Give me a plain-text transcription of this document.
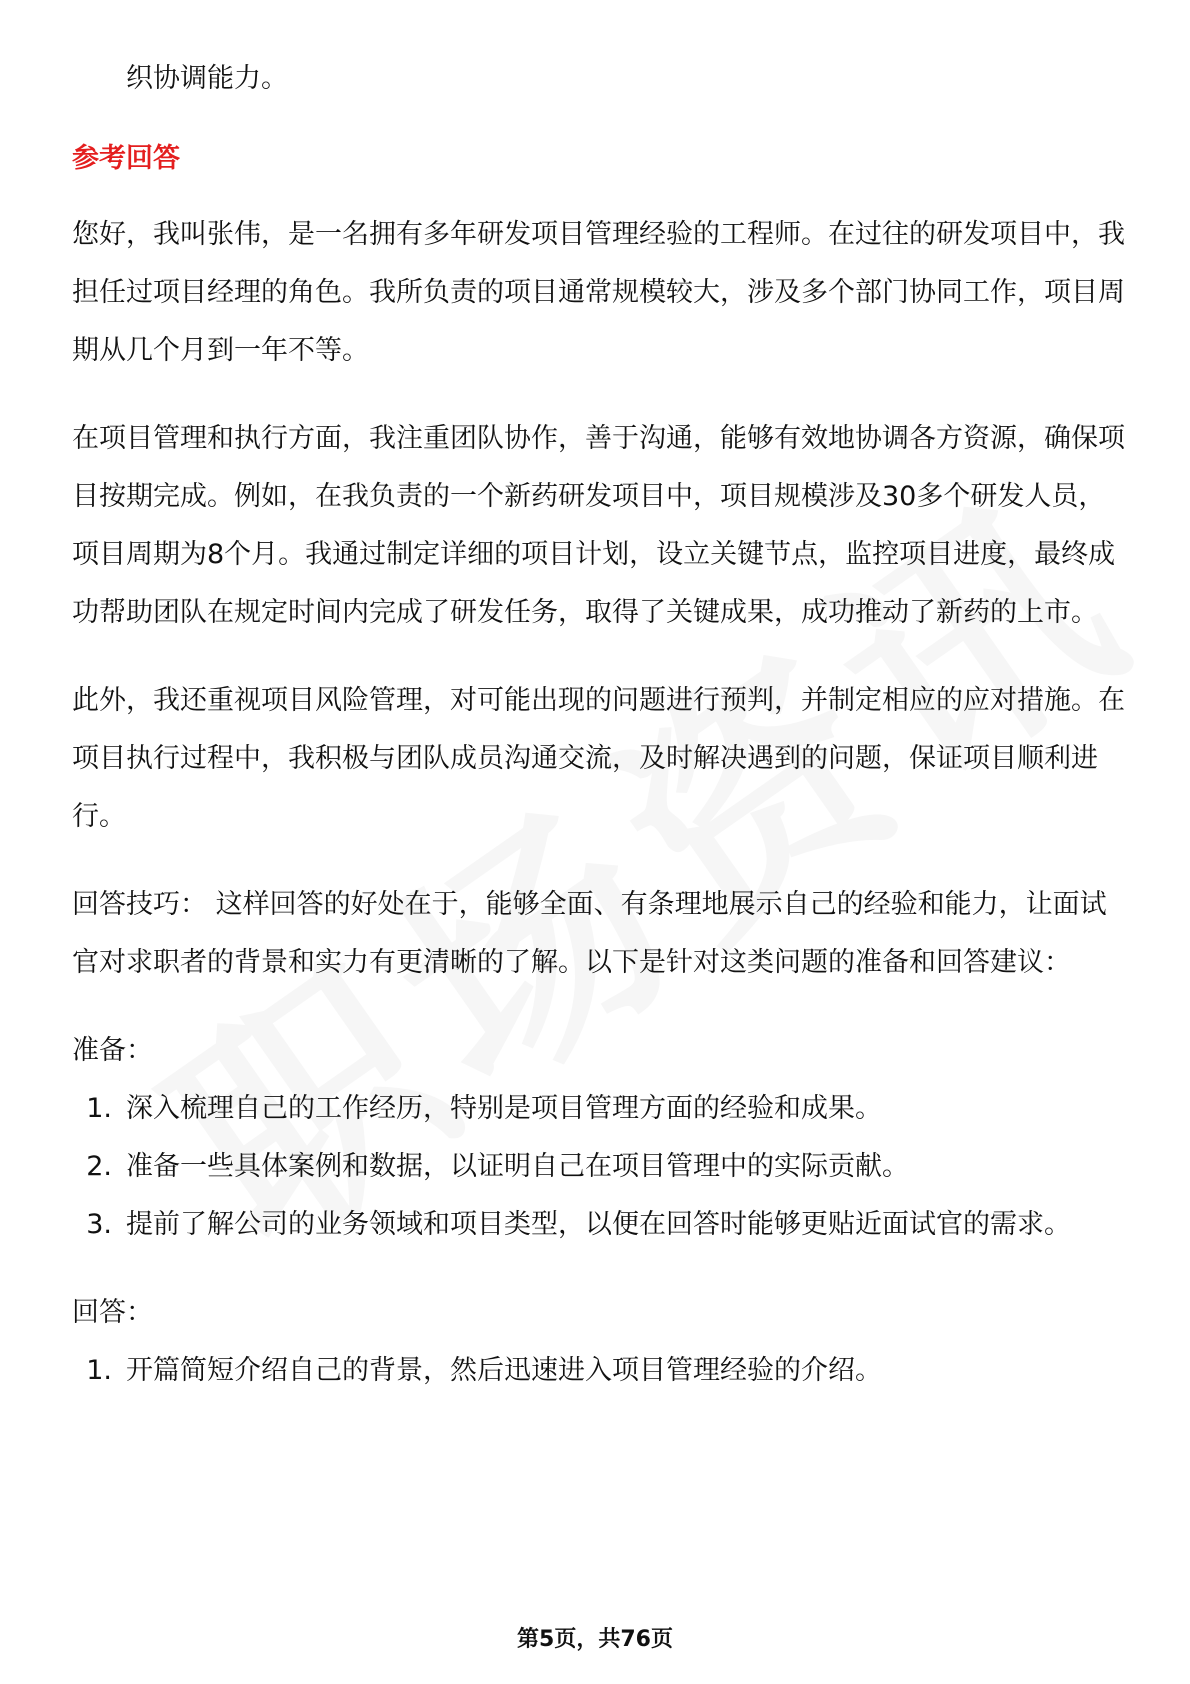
织协调能力。

参考回答

您好，我叫张伟，是一名拥有多年研发项目管理经验的工程师。在过往的研发项目中，我担任过项目经理的角色。我所负责的项目通常规模较大，涉及多个部门协同工作，项目周期从几个月到一年不等。

在项目管理和执行方面，我注重团队协作，善于沟通，能够有效地协调各方资源，确保项目按期完成。例如，在我负责的一个新药研发项目中，项目规模涉及30多个研发人员，项目周期为8个月。我通过制定详细的项目计划，设立关键节点，监控项目进度，最终成功帮助团队在规定时间内完成了研发任务，取得了关键成果，成功推动了新药的上市。

此外，我还重视项目风险管理，对可能出现的问题进行预判，并制定相应的应对措施。在项目执行过程中，我积极与团队成员沟通交流，及时解决遇到的问题，保证项目顺利进行。

回答技巧： 这样回答的好处在于，能够全面、有条理地展示自己的经验和能力，让面试官对求职者的背景和实力有更清晰的了解。以下是针对这类问题的准备和回答建议：

准备：

1. 深入梳理自己的工作经历，特别是项目管理方面的经验和成果。
2. 准备一些具体案例和数据，以证明自己在项目管理中的实际贡献。
3. 提前了解公司的业务领域和项目类型，以便在回答时能够更贴近面试官的需求。

回答：

1. 开篇简短介绍自己的背景，然后迅速进入项目管理经验的介绍。
第5页，共76页
